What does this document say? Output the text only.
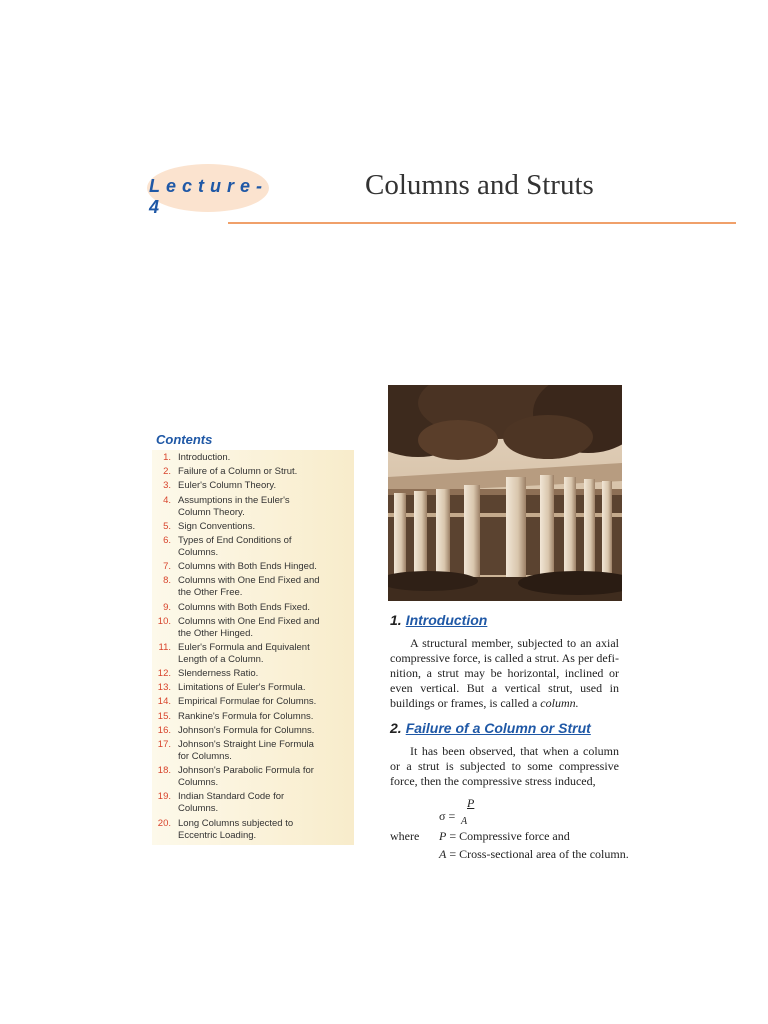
Lecture-4
Columns and Struts
Contents
1. Introduction.
2. Failure of a Column or Strut.
3. Euler's Column Theory.
4. Assumptions in the Euler's Column Theory.
5. Sign Conventions.
6. Types of End Conditions of Columns.
7. Columns with Both Ends Hinged.
8. Columns with One End Fixed and the Other Free.
9. Columns with Both Ends Fixed.
10. Columns with One End Fixed and the Other Hinged.
11. Euler's Formula and Equivalent Length of a Column.
12. Slenderness Ratio.
13. Limitations of Euler's Formula.
14. Empirical Formulae for Columns.
15. Rankine's Formula for Columns.
16. Johnson's Formula for Columns.
17. Johnson's Straight Line Formula for Columns.
18. Johnson's Parabolic Formula for Columns.
19. Indian Standard Code for Columns.
20. Long Columns subjected to Eccentric Loading.
1. Introduction
A structural member, subjected to an axial compressive force, is called a strut. As per defi- nition, a strut may be horizontal, inclined or even vertical. But a vertical strut, used in buildings or frames, is called a column.
2. Failure of a Column or Strut
It has been observed, that when a column or a strut is subjected to some compressive force, then the compressive stress induced,
σ =
P
A
where P = Compressive force and
A = Cross-sectional area of the column.
